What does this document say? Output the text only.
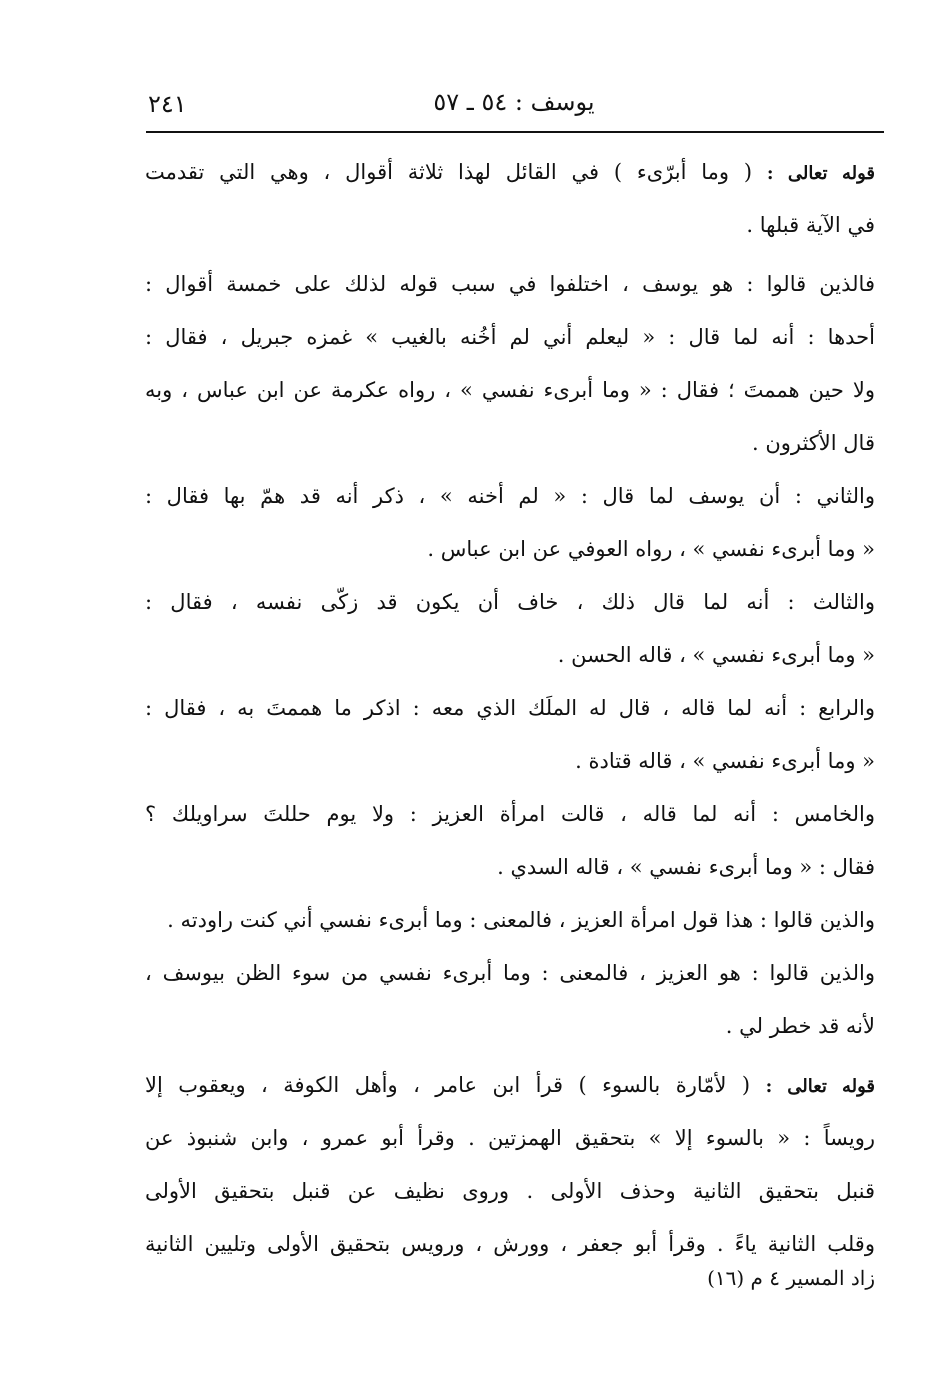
يوسف : ٥٤ ـ ٥٧
٢٤١
قوله تعالى : ( وما أبرّىء ) في القائل لهذا ثلاثة أقوال ، وهي التي تقدمت
في الآية قبلها .
فالذين قالوا : هو يوسف ، اختلفوا في سبب قوله لذلك على خمسة أقوال :
أحدها : أنه لما قال : « ليعلم أني لم أخُنه بالغيب » غمزه جبريل ، فقال :
ولا حين هممتَ ؛ فقال : « وما أبرىء نفسي » ، رواه عكرمة عن ابن عباس ، وبه
قال الأكثرون .
والثاني : أن يوسف لما قال : « لم أخنه » ، ذكر أنه قد همّ بها فقال :
« وما أبرىء نفسي » ، رواه العوفي عن ابن عباس .
والثالث : أنه لما قال ذلك ، خاف أن يكون قد زكّى نفسه ، فقال :
« وما أبرىء نفسي » ، قاله الحسن .
والرابع : أنه لما قاله ، قال له الملَك الذي معه : اذكر ما هممتَ به ، فقال :
« وما أبرىء نفسي » ، قاله قتادة .
والخامس : أنه لما قاله ، قالت امرأة العزيز : ولا يوم حللتَ سراويلك ؟
فقال : « وما أبرىء نفسي » ، قاله السدي .
والذين قالوا : هذا قول امرأة العزيز ، فالمعنى : وما أبرىء نفسي أني كنت راودته .
والذين قالوا : هو العزيز ، فالمعنى : وما أبرىء نفسي من سوء الظن بيوسف ،
لأنه قد خطر لي .
قوله تعالى : ( لأمّارة بالسوء ) قرأ ابن عامر ، وأهل الكوفة ، ويعقوب إلا
رويساً : « بالسوء إلا » بتحقيق الهمزتين . وقرأ أبو عمرو ، وابن شنبوذ عن
قنبل بتحقيق الثانية وحذف الأولى . وروى نظيف عن قنبل بتحقيق الأولى
وقلب الثانية ياءً . وقرأ أبو جعفر ، وورش ، ورويس بتحقيق الأولى وتليين الثانية
زاد المسير ٤ م (١٦)
